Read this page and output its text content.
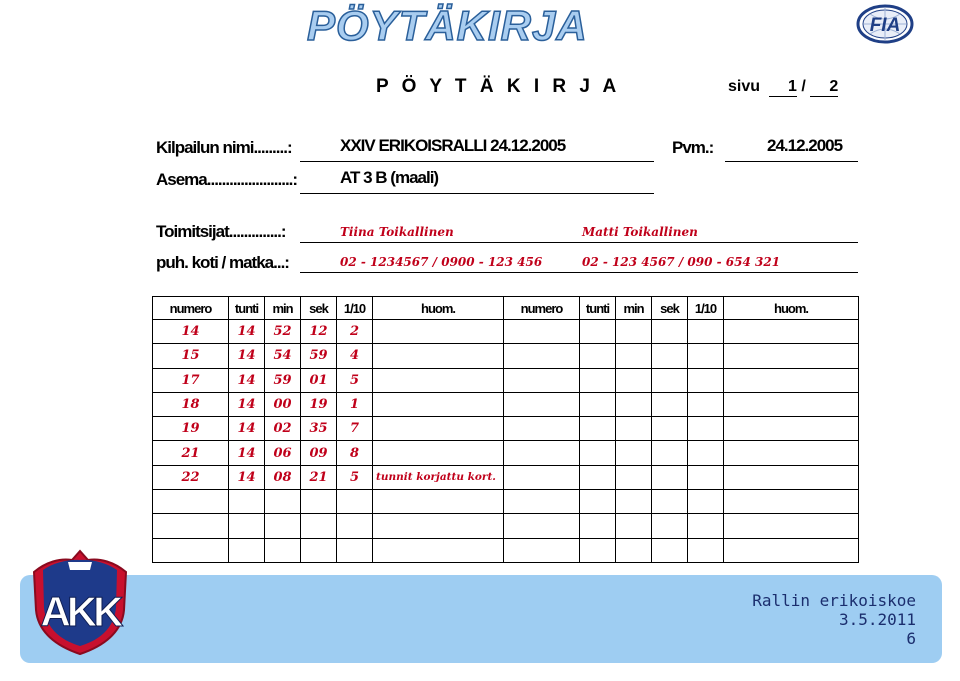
PÖYTÄKIRJA	FIA
P Ö Y T Ä K I R J A	sivu 1 / 2
Kilpailun nimi.........:	XXIV ERIKOISRALLI 24.12.2005	Pvm.:	24.12.2005
Asema.......................:	AT 3 B (maali)
Toimitsijat..............:	Tiina Toikallinen	Matti Toikallinen
puh. koti / matka...:	02 - 1234567 / 0900 - 123 456	02 - 123 4567 / 090 - 654 321
numero	tunti	min	sek	1/10	huom.	numero	tunti	min	sek	1/10	huom.
14	14	52	12	2							
15	14	54	59	4							
17	14	59	01	5							
18	14	00	19	1							
19	14	02	35	7							
21	14	06	09	8							
22	14	08	21	5	tunnit korjattu kort.						

Rallin erikoiskoe
3.5.2011
6
AKK
